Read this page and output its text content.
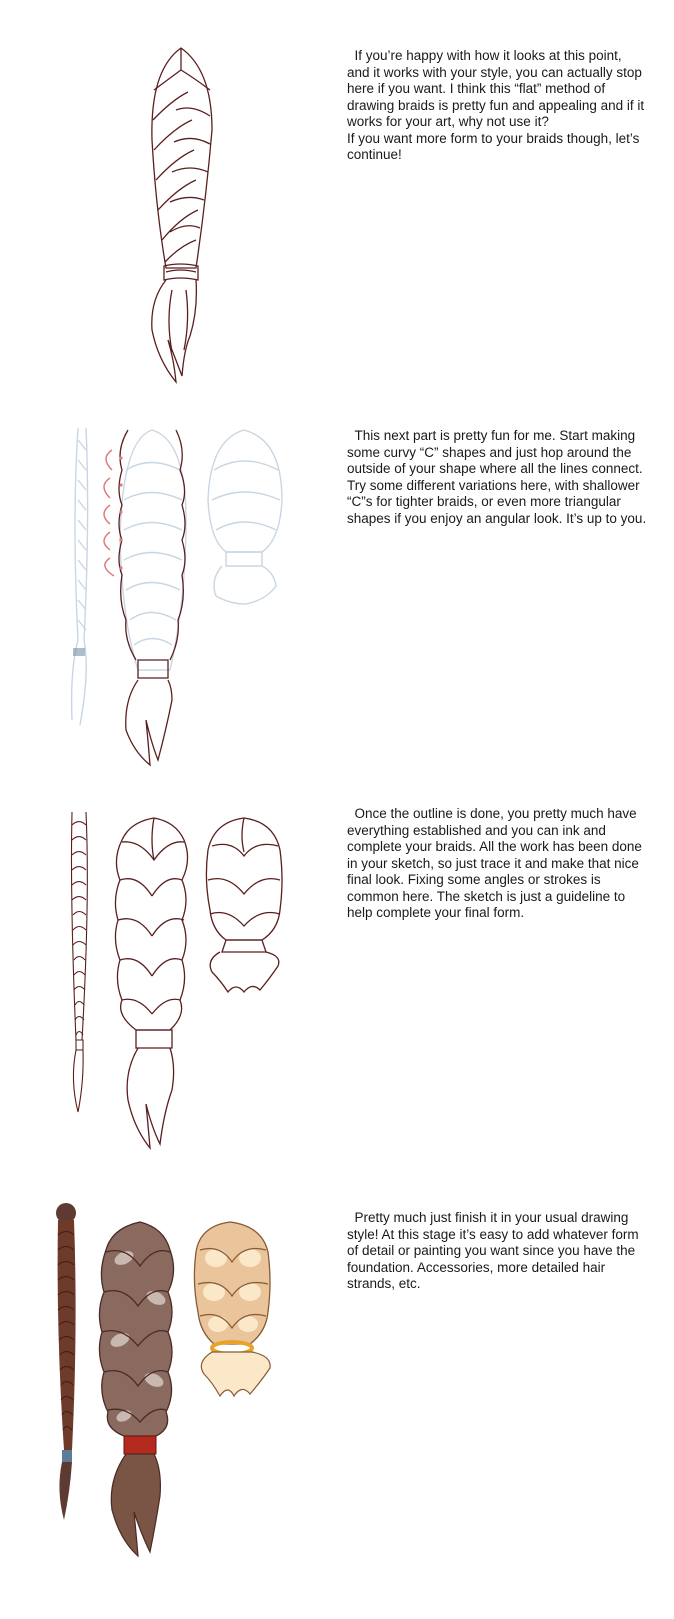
If you’re happy with how it looks at this point, and it works with your style, you can actually stop here if you want. I think this “flat” method of drawing braids is pretty fun and appealing and if it works for your art, why not use it?
If you want more form to your braids though, let’s continue!
This next part is pretty fun for me. Start making some curvy “C” shapes and just hop around the outside of your shape where all the lines connect. Try some different variations here, with shallower “C”s for tighter braids, or even more triangular shapes if you enjoy an angular look. It’s up to you.
Once the outline is done, you pretty much have everything established and you can ink and complete your braids. All the work has been done in your sketch, so just trace it and make that nice final look. Fixing some angles or strokes is common here. The sketch is just a guideline to help complete your final form.
Pretty much just finish it in your usual drawing style! At this stage it’s easy to add whatever form of detail or painting you want since you have the foundation. Accessories, more detailed hair strands, etc.
